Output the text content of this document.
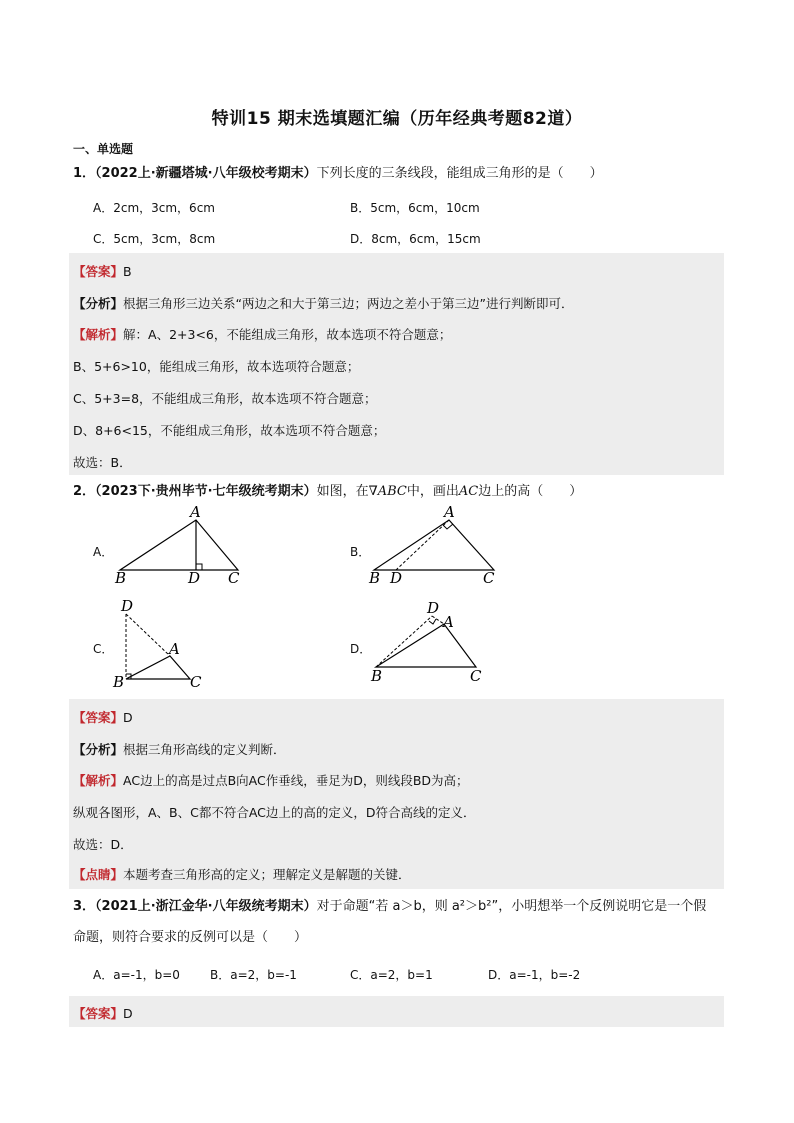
特训15 期末选填题汇编（历年经典考题82道）
一、单选题
1．（2022上·新疆塔城·八年级校考期末）下列长度的三条线段，能组成三角形的是（　　）
A．2cm，3cm，6cm	B．5cm，6cm，10cm
C．5cm，3cm，8cm	D．8cm，6cm，15cm
【答案】B
【分析】根据三角形三边关系“两边之和大于第三边；两边之差小于第三边”进行判断即可．
【解析】解：A、2+3<6，不能组成三角形，故本选项不符合题意；
B、5+6>10，能组成三角形，故本选项符合题意；
C、5+3=8，不能组成三角形，故本选项不符合题意；
D、8+6<15，不能组成三角形，故本选项不符合题意；
故选：B．
2．（2023下·贵州毕节·七年级统考期末）如图，在∇ABC中，画出AC边上的高（　　）
A．	B．
C．	D．
A
B	D C
A
B D	C
D
A
B	C
D
A
B	C
【答案】D
【分析】根据三角形高线的定义判断．
【解析】AC边上的高是过点B向AC作垂线，垂足为D，则线段BD为高；
纵观各图形，A、B、C都不符合AC边上的高的定义，D符合高线的定义．
故选：D．
【点睛】本题考查三角形高的定义；理解定义是解题的关键．
3．（2021上·浙江金华·八年级统考期末）对于命题“若 a＞b，则 a²＞b²”，小明想举一个反例说明它是一个假
命题，则符合要求的反例可以是（　　）
A．a=-1，b=0	B．a=2，b=-1	C．a=2，b=1	D．a=-1，b=-2
【答案】D
